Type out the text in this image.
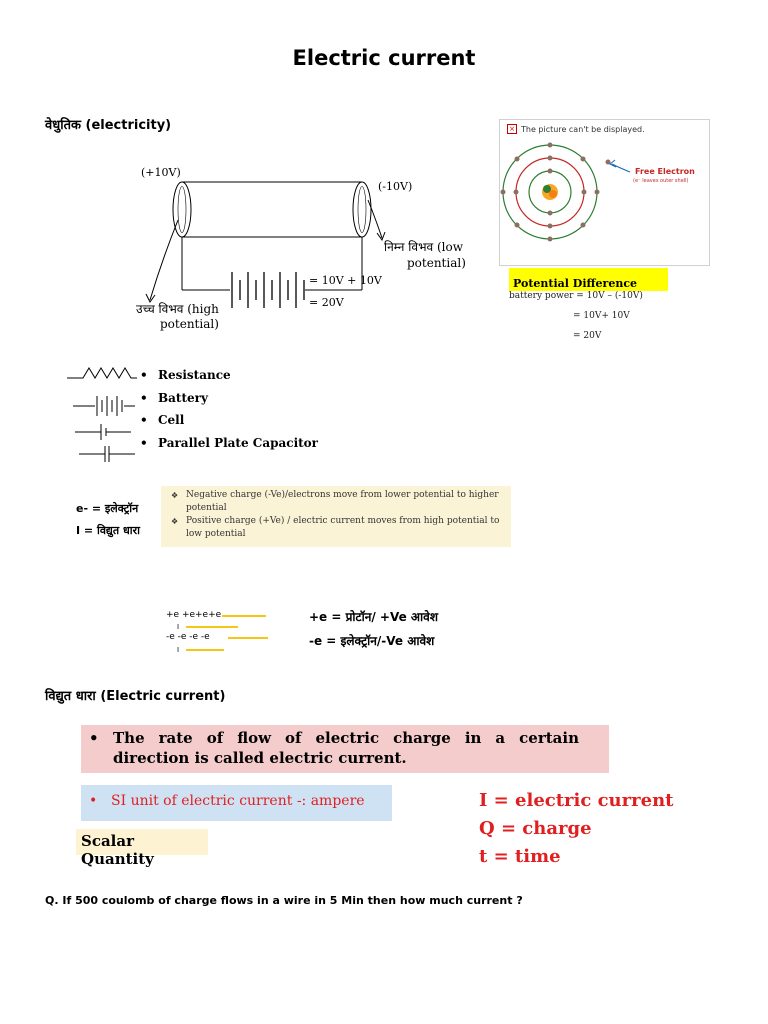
Electric current
वेधुतिक (electricity)
(+10V)
(-10V)
निम्न विभव (low
potential)
उच्च विभव (high
potential)
= 10V + 10V
= 20V
× The picture can't be displayed.
Free Electron
(e⁻ leaves outer shell)
Potential Difference
battery power = 10V – (-10V)
= 10V+ 10V
= 20V
• Resistance
• Battery
• Cell
• Parallel Plate Capacitor
e- = इलेक्ट्रॉन
I = विद्युत धारा
❖ Negative charge (-Ve)/electrons move from lower potential to higher potential
❖ Positive charge (+Ve) / electric current moves from high potential to low potential
+e +e+e+e
-e -e -e -e
I
I
+e = प्रोटॉन/ +Ve आवेश
-e = इलेक्ट्रॉन/-Ve आवेश
विद्युत धारा (Electric current)
• The rate of flow of electric charge in a certain direction is called electric current.
• SI unit of electric current -: ampere
Scalar Quantity
I = electric current
Q = charge
t = time
Q. If 500 coulomb of charge flows in a wire in 5 Min then how much current ?
